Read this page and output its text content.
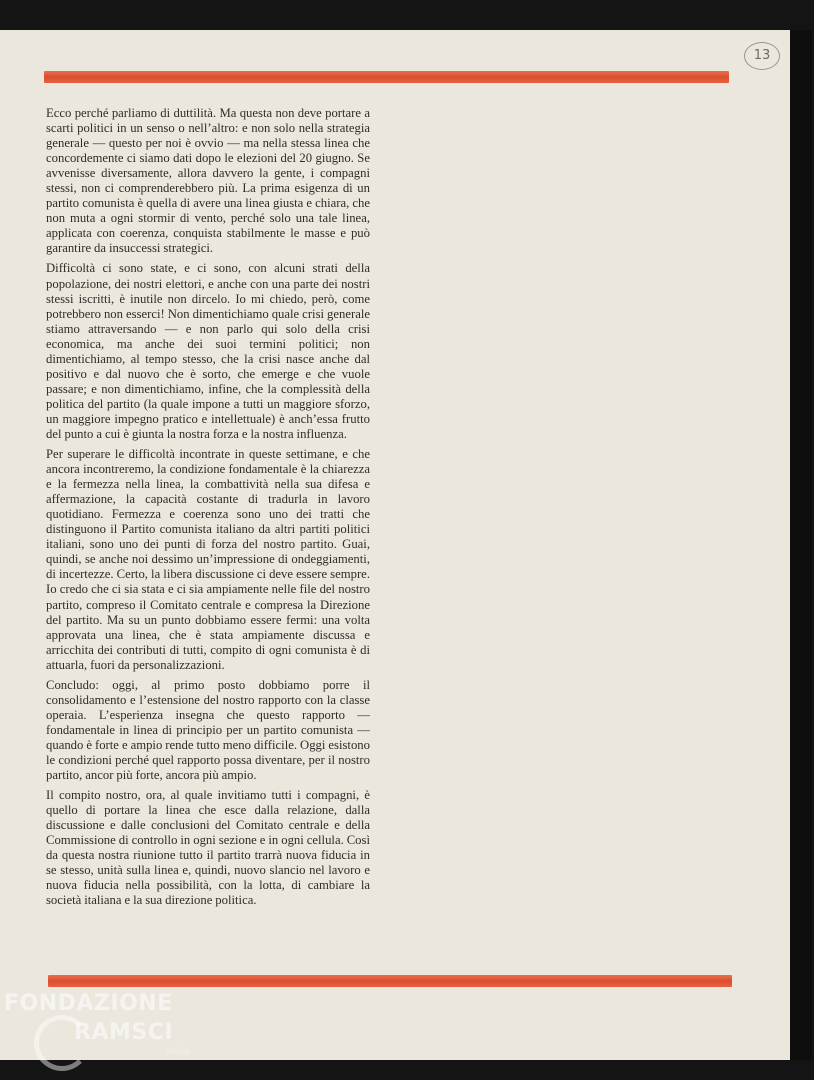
13

Ecco perché parliamo di duttilità. Ma questa non deve portare a scarti politici in un senso o nell’altro: e non solo nella strategia generale — questo per noi è ovvio — ma nella stessa linea che concordemente ci siamo dati dopo le elezioni del 20 giugno. Se avvenisse diversamente, allora davvero la gente, i compagni stessi, non ci comprenderebbero più. La prima esigenza di un partito comunista è quella di avere una linea giusta e chiara, che non muta a ogni stormir di vento, perché solo una tale linea, applicata con coerenza, conquista stabilmente le masse e può garantire da insuccessi strategici.

Difficoltà ci sono state, e ci sono, con alcuni strati della popolazione, dei nostri elettori, e anche con una parte dei nostri stessi iscritti, è inutile non dircelo. Io mi chiedo, però, come potrebbero non esserci! Non dimentichiamo quale crisi generale stiamo attraversando — e non parlo qui solo della crisi economica, ma anche dei suoi termini politici; non dimentichiamo, al tempo stesso, che la crisi nasce anche dal positivo e dal nuovo che è sorto, che emerge e che vuole passare; e non dimentichiamo, infine, che la complessità della politica del partito (la quale impone a tutti un maggiore sforzo, un maggiore impegno pratico e intellettuale) è anch’essa frutto del punto a cui è giunta la nostra forza e la nostra influenza.

Per superare le difficoltà incontrate in queste settimane, e che ancora incontreremo, la condizione fondamentale è la chiarezza e la fermezza nella linea, la combattività nella sua difesa e affermazione, la capacità costante di tradurla in lavoro quotidiano. Fermezza e coerenza sono uno dei tratti che distinguono il Partito comunista italiano da altri partiti politici italiani, sono uno dei punti di forza del nostro partito. Guai, quindi, se anche noi dessimo un’impressione di ondeggiamenti, di incertezze. Certo, la libera discussione ci deve essere sempre. Io credo che ci sia stata e ci sia ampiamente nelle file del nostro partito, compreso il Comitato centrale e compresa la Direzione del partito. Ma su un punto dobbiamo essere fermi: una volta approvata una linea, che è stata ampiamente discussa e arricchita dei contributi di tutti, compito di ogni comunista è di attuarla, fuori da personalizzazioni.

Concludo: oggi, al primo posto dobbiamo porre il consolidamento e l’estensione del nostro rapporto con la classe operaia. L’esperienza insegna che questo rapporto — fondamentale in linea di principio per un partito comunista — quando è forte e ampio rende tutto meno difficile. Oggi esistono le condizioni perché quel rapporto possa diventare, per il nostro partito, ancor più forte, ancora più ampio.

Il compito nostro, ora, al quale invitiamo tutti i compagni, è quello di portare la linea che esce dalla relazione, dalla discussione e dalle conclusioni del Comitato centrale e della Commissione di controllo in ogni sezione e in ogni cellula. Così da questa nostra riunione tutto il partito trarrà nuova fiducia in se stesso, unità sulla linea e, quindi, nuovo slancio nel lavoro e nuova fiducia nella possibilità, con la lotta, di cambiare la società italiana e la sua direzione politica.

FONDAZIONE
RAMSCI
onlus
